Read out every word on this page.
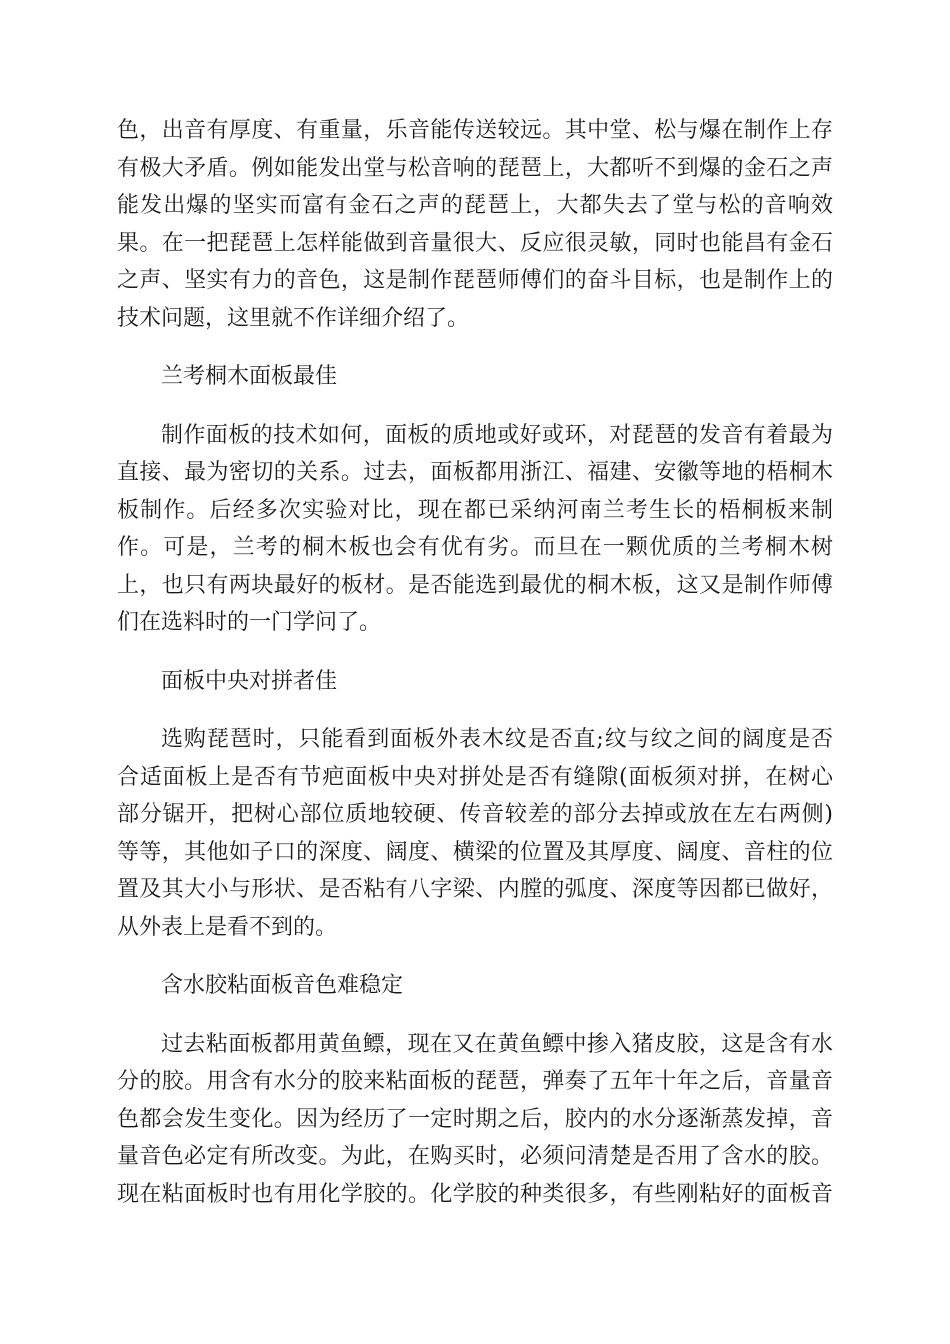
色，出音有厚度、有重量，乐音能传送较远。其中堂、松与爆在制作上存
有极大矛盾。例如能发出堂与松音响的琵琶上，大都听不到爆的金石之声
能发出爆的坚实而富有金石之声的琵琶上，大都失去了堂与松的音响效
果。在一把琵琶上怎样能做到音量很大、反应很灵敏，同时也能昌有金石
之声、坚实有力的音色，这是制作琵琶师傅们的奋斗目标，也是制作上的
技术问题，这里就不作详细介绍了。
兰考桐木面板最佳
制作面板的技术如何，面板的质地或好或环，对琵琶的发音有着最为
直接、最为密切的关系。过去，面板都用浙江、福建、安徽等地的梧桐木
板制作。后经多次实验对比，现在都已采纳河南兰考生长的梧桐板来制
作。可是，兰考的桐木板也会有优有劣。而旦在一颗优质的兰考桐木树
上，也只有两块最好的板材。是否能选到最优的桐木板，这又是制作师傅
们在选料时的一门学问了。
面板中央对拼者佳
选购琵琶时，只能看到面板外表木纹是否直;纹与纹之间的阔度是否
合适面板上是否有节疤面板中央对拼处是否有缝隙(面板须对拼，在树心
部分锯开，把树心部位质地较硬、传音较差的部分去掉或放在左右两侧)
等等，其他如子口的深度、阔度、横梁的位置及其厚度、阔度、音柱的位
置及其大小与形状、是否粘有八字梁、内膛的弧度、深度等因都已做好，
从外表上是看不到的。
含水胶粘面板音色难稳定
过去粘面板都用黄鱼鳔，现在又在黄鱼鳔中掺入猪皮胶，这是含有水
分的胶。用含有水分的胶来粘面板的琵琶，弹奏了五年十年之后，音量音
色都会发生变化。因为经历了一定时期之后，胶内的水分逐渐蒸发掉，音
量音色必定有所改变。为此，在购买时，必须问清楚是否用了含水的胶。
现在粘面板时也有用化学胶的。化学胶的种类很多，有些刚粘好的面板音
